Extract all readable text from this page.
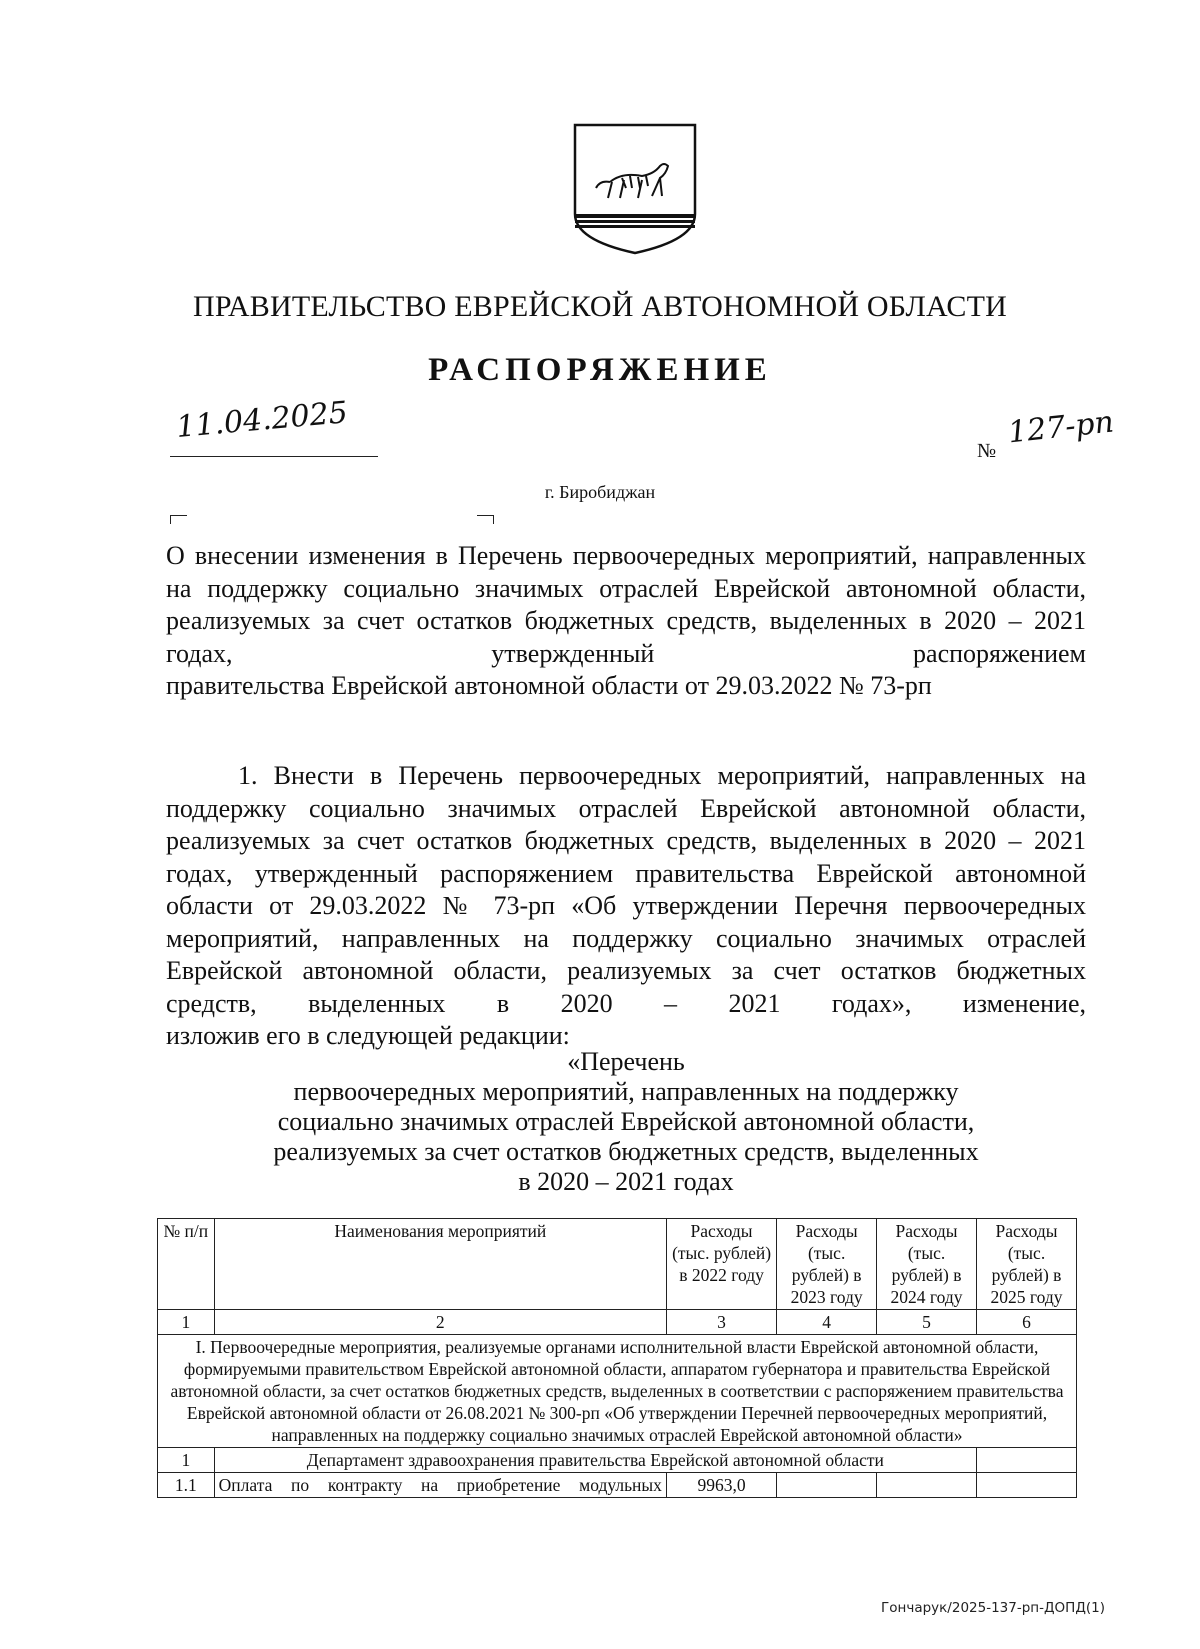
ПРАВИТЕЛЬСТВО ЕВРЕЙСКОЙ АВТОНОМНОЙ ОБЛАСТИ
РАСПОРЯЖЕНИЕ
11.04.2025
№
127-рп
г. Биробиджан
О внесении изменения в Перечень первоочередных мероприятий, направленных на поддержку социально значимых отраслей Еврейской автономной области, реализуемых за счет остатков бюджетных средств, выделенных в 2020 – 2021 годах, утвержденный распоряжением
правительства Еврейской автономной области от 29.03.2022 № 73-рп
1. Внести в Перечень первоочередных мероприятий, направленных на поддержку социально значимых отраслей Еврейской автономной области, реализуемых за счет остатков бюджетных средств, выделенных в 2020 – 2021 годах, утвержденный распоряжением правительства Еврейской автономной области от 29.03.2022 № 73-рп «Об утверждении Перечня первоочередных мероприятий, направленных на поддержку социально значимых отраслей Еврейской автономной области, реализуемых за счет остатков бюджетных средств, выделенных в 2020 – 2021 годах», изменение,
изложив его в следующей редакции:
«Перечень
первоочередных мероприятий, направленных на поддержку
социально значимых отраслей Еврейской автономной области,
реализуемых за счет остатков бюджетных средств, выделенных
в 2020 – 2021 годах
№ п/п	Наименования мероприятий	Расходы (тыс. рублей) в 2022 году	Расходы (тыс. рублей) в 2023 году	Расходы (тыс. рублей) в 2024 году	Расходы (тыс. рублей) в 2025 году
1	2	3	4	5	6
I. Первоочередные мероприятия, реализуемые органами исполнительной власти Еврейской автономной области, формируемыми правительством Еврейской автономной области, аппаратом губернатора и правительства Еврейской автономной области, за счет остатков бюджетных средств, выделенных в соответствии с распоряжением правительства Еврейской автономной области от 26.08.2021 № 300-рп «Об утверждении Перечней первоочередных мероприятий, направленных на поддержку социально значимых отраслей Еврейской автономной области»					
1	Департамент здравоохранения правительства Еврейской автономной области				
1.1	Оплата по контракту на приобретение модульных	9963,0			
Гончарук/2025-137-рп-ДОПД(1)
